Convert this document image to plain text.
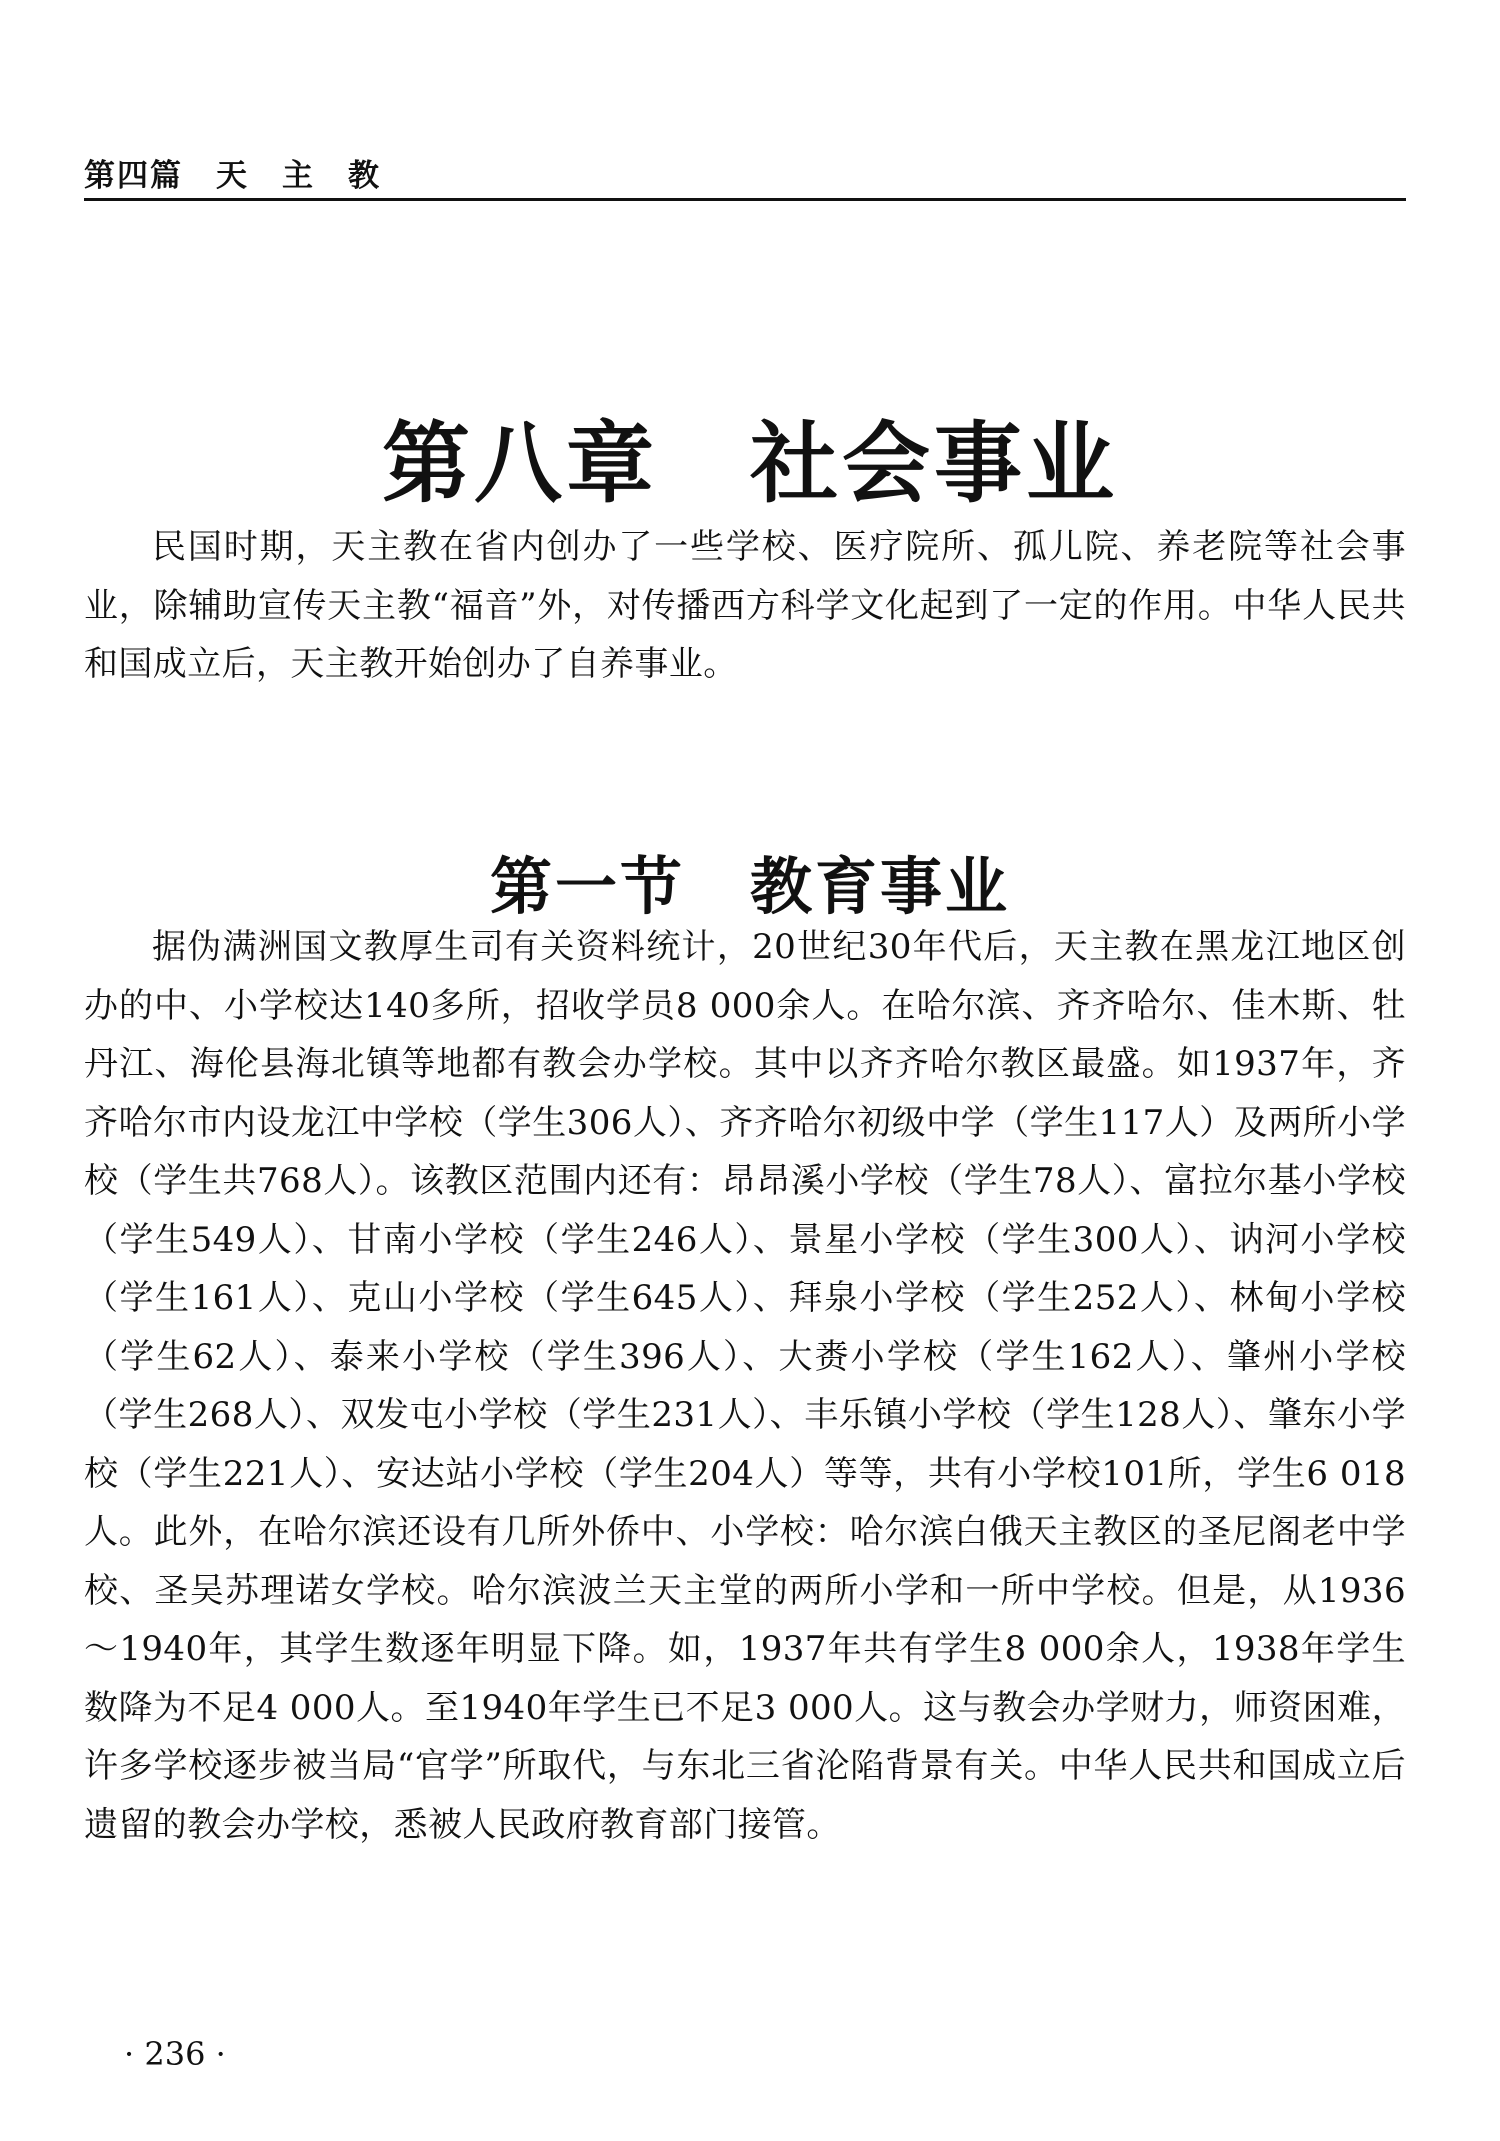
第四篇　天　主　教
第八章　社会事业

民国时期，天主教在省内创办了一些学校、医疗院所、孤儿院、养老院等社会事业，除辅助宣传天主教“福音”外，对传播西方科学文化起到了一定的作用。中华人民共和国成立后，天主教开始创办了自养事业。

第一节　教育事业

据伪满洲国文教厚生司有关资料统计，20世纪30年代后，天主教在黑龙江地区创办的中、小学校达140多所，招收学员8 000余人。在哈尔滨、齐齐哈尔、佳木斯、牡丹江、海伦县海北镇等地都有教会办学校。其中以齐齐哈尔教区最盛。如1937年，齐齐哈尔市内设龙江中学校（学生306人）、齐齐哈尔初级中学（学生117人）及两所小学校（学生共768人）。该教区范围内还有：昂昂溪小学校（学生78人）、富拉尔基小学校（学生549人）、甘南小学校（学生246人）、景星小学校（学生300人）、讷河小学校（学生161人）、克山小学校（学生645人）、拜泉小学校（学生252人）、林甸小学校（学生62人）、泰来小学校（学生396人）、大赉小学校（学生162人）、肇州小学校（学生268人）、双发屯小学校（学生231人）、丰乐镇小学校（学生128人）、肇东小学校（学生221人）、安达站小学校（学生204人）等等，共有小学校101所，学生6 018人。此外，在哈尔滨还设有几所外侨中、小学校：哈尔滨白俄天主教区的圣尼阁老中学校、圣吴苏理诺女学校。哈尔滨波兰天主堂的两所小学和一所中学校。但是，从1936～1940年，其学生数逐年明显下降。如，1937年共有学生8 000余人，1938年学生数降为不足4 000人。至1940年学生已不足3 000人。这与教会办学财力，师资困难，许多学校逐步被当局“官学”所取代，与东北三省沦陷背景有关。中华人民共和国成立后遗留的教会办学校，悉被人民政府教育部门接管。

· 236 ·
